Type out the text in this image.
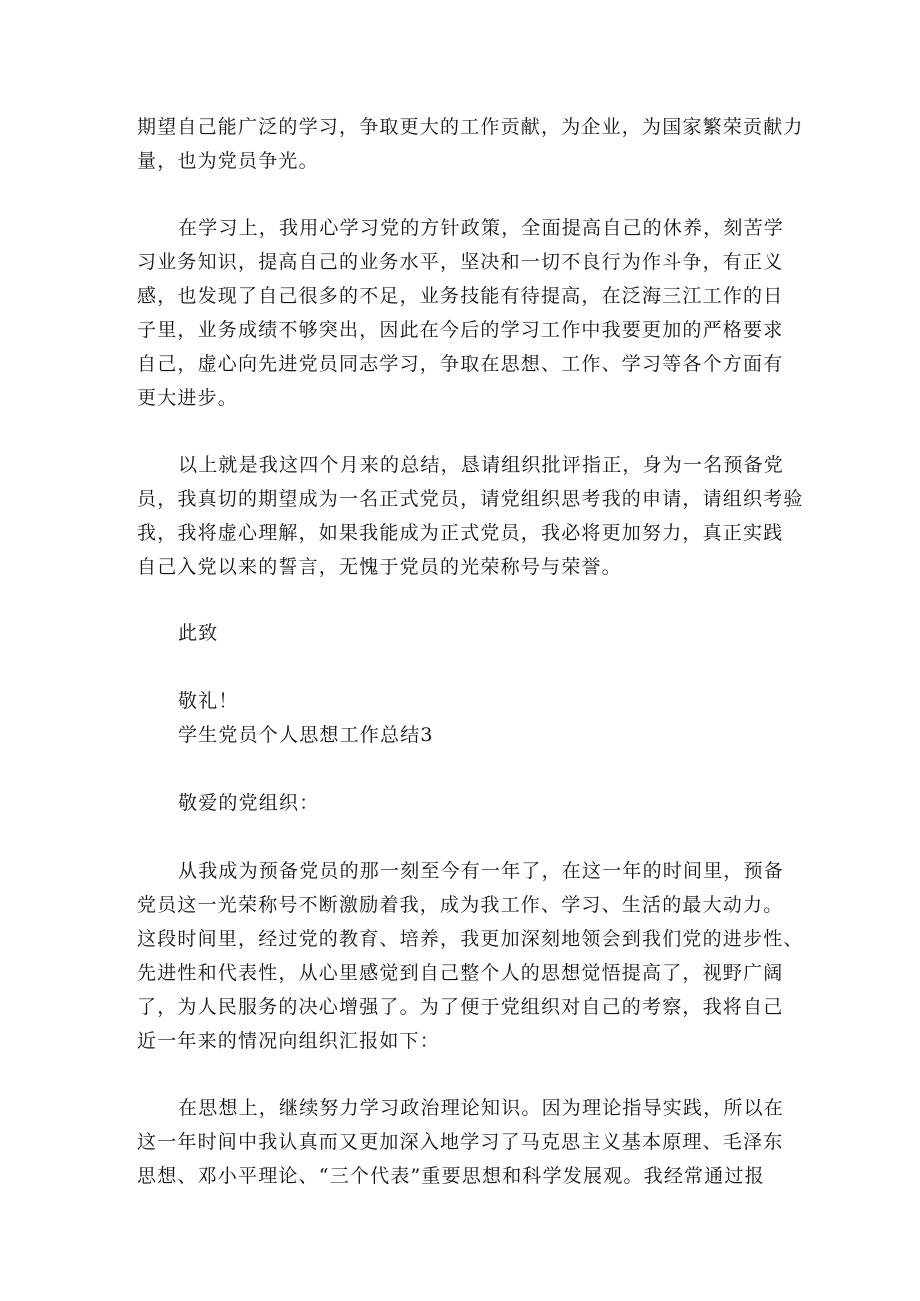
期望自己能广泛的学习，争取更大的工作贡献，为企业，为国家繁荣贡献力
量，也为党员争光。
在学习上，我用心学习党的方针政策，全面提高自己的休养，刻苦学
习业务知识，提高自己的业务水平，坚决和一切不良行为作斗争，有正义
感，也发现了自己很多的不足，业务技能有待提高，在泛海三江工作的日
子里，业务成绩不够突出，因此在今后的学习工作中我要更加的严格要求
自己，虚心向先进党员同志学习，争取在思想、工作、学习等各个方面有
更大进步。
以上就是我这四个月来的总结，恳请组织批评指正，身为一名预备党
员，我真切的期望成为一名正式党员，请党组织思考我的申请，请组织考验
我，我将虚心理解，如果我能成为正式党员，我必将更加努力，真正实践
自己入党以来的誓言，无愧于党员的光荣称号与荣誉。
此致
敬礼！
学生党员个人思想工作总结3
敬爱的党组织：
从我成为预备党员的那一刻至今有一年了，在这一年的时间里，预备
党员这一光荣称号不断激励着我，成为我工作、学习、生活的最大动力。
这段时间里，经过党的教育、培养，我更加深刻地领会到我们党的进步性、
先进性和代表性，从心里感觉到自己整个人的思想觉悟提高了，视野广阔
了，为人民服务的决心增强了。为了便于党组织对自己的考察，我将自己
近一年来的情况向组织汇报如下：
在思想上，继续努力学习政治理论知识。因为理论指导实践，所以在
这一年时间中我认真而又更加深入地学习了马克思主义基本原理、毛泽东
思想、邓小平理论、“三个代表”重要思想和科学发展观。我经常通过报
